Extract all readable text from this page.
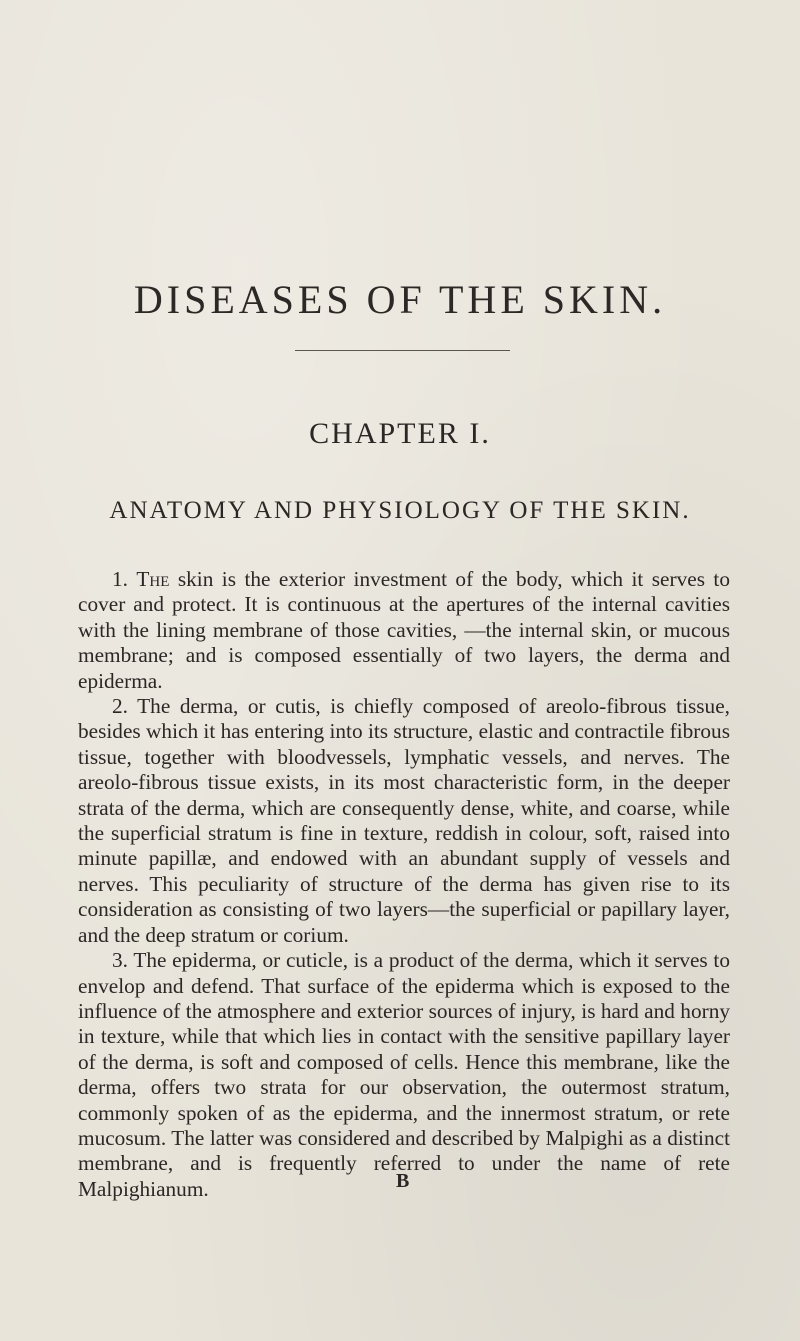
DISEASES OF THE SKIN.
CHAPTER I.
ANATOMY AND PHYSIOLOGY OF THE SKIN.

1. The skin is the exterior investment of the body, which it serves to cover and protect. It is continuous at the apertures of the internal cavities with the lining membrane of those cavities, —the internal skin, or mucous membrane; and is composed essentially of two layers, the derma and epiderma.

2. The derma, or cutis, is chiefly composed of areolo-fibrous tissue, besides which it has entering into its structure, elastic and contractile fibrous tissue, together with bloodvessels, lymphatic vessels, and nerves. The areolo-fibrous tissue exists, in its most characteristic form, in the deeper strata of the derma, which are consequently dense, white, and coarse, while the superficial stratum is fine in texture, reddish in colour, soft, raised into minute papillæ, and endowed with an abundant supply of vessels and nerves. This peculiarity of structure of the derma has given rise to its consideration as consisting of two layers—the superficial or papillary layer, and the deep stratum or corium.

3. The epiderma, or cuticle, is a product of the derma, which it serves to envelop and defend. That surface of the epiderma which is exposed to the influence of the atmosphere and exterior sources of injury, is hard and horny in texture, while that which lies in contact with the sensitive papillary layer of the derma, is soft and composed of cells. Hence this membrane, like the derma, offers two strata for our observation, the outermost stratum, commonly spoken of as the epiderma, and the innermost stratum, or rete mucosum. The latter was considered and described by Malpighi as a distinct membrane, and is frequently referred to under the name of rete Malpighianum.	B
